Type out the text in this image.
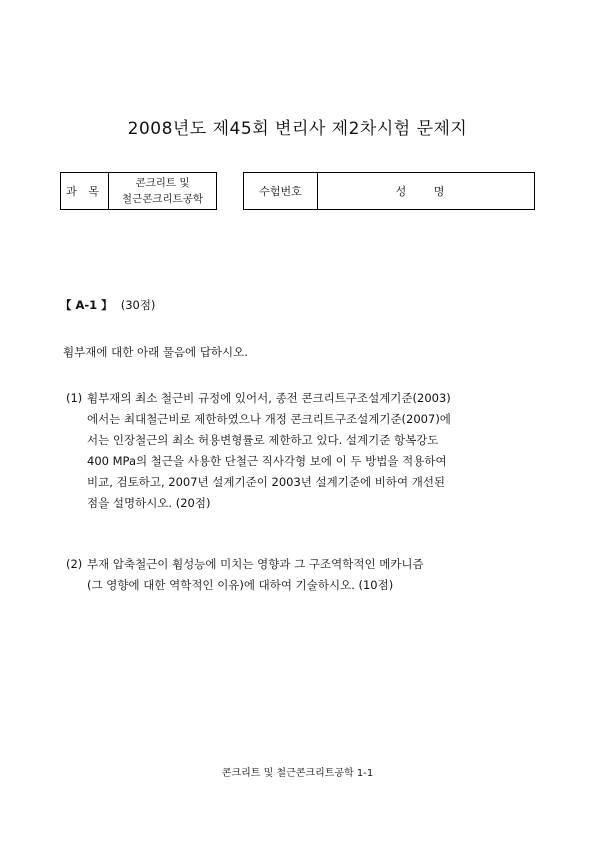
2008년도 제45회 변리사 제2차시험 문제지
과 목
콘크리트 및
철근콘크리트공학
수험번호	성 명
【 A-1 】 (30점)
휨부재에 대한 아래 물음에 답하시오.
(1) 휨부재의 최소 철근비 규정에 있어서, 종전 콘크리트구조설계기준(2003)
에서는 최대철근비로 제한하였으나 개정 콘크리트구조설계기준(2007)에
서는 인장철근의 최소 허용변형률로 제한하고 있다. 설계기준 항복강도
400 MPa의 철근을 사용한 단철근 직사각형 보에 이 두 방법을 적용하여
비교, 검토하고, 2007년 설계기준이 2003년 설계기준에 비하여 개선된
점을 설명하시오. (20점)
(2) 부재 압축철근이 휨성능에 미치는 영향과 그 구조역학적인 메카니즘
(그 영향에 대한 역학적인 이유)에 대하여 기술하시오. (10점)
콘크리트 및 철근콘크리트공학 1-1
